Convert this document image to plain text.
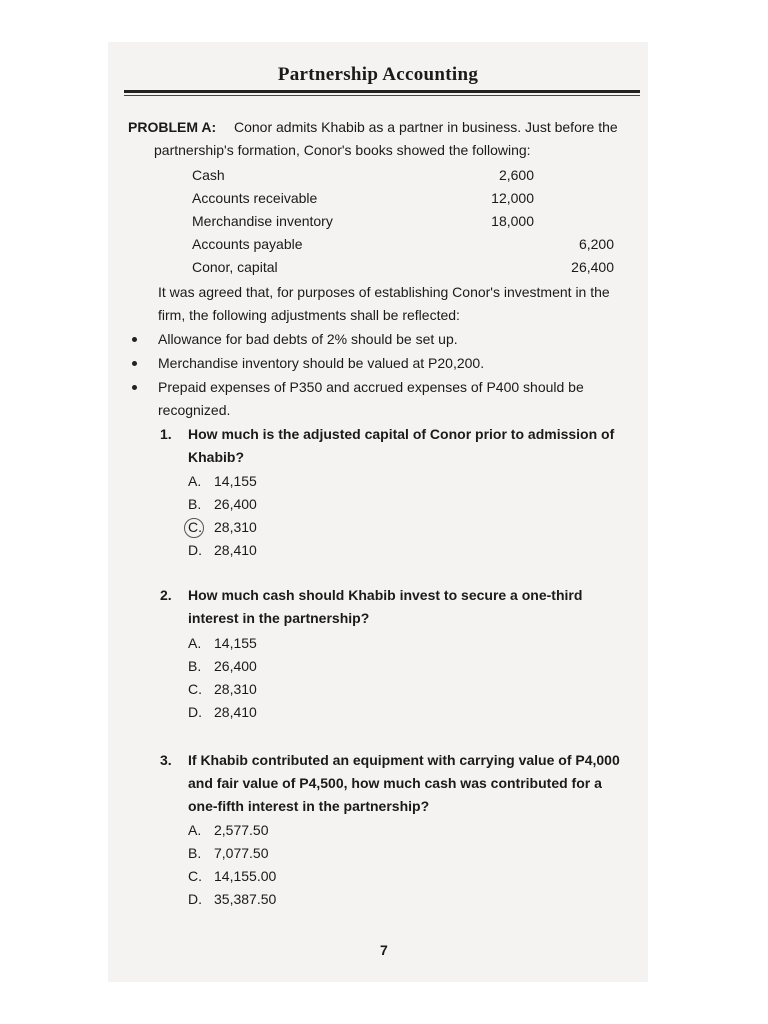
Partnership Accounting
PROBLEM A: Conor admits Khabib as a partner in business. Just before the
partnership's formation, Conor's books showed the following:
Cash	2,600
Accounts receivable	12,000
Merchandise inventory	18,000
Accounts payable	6,200
Conor, capital	26,400
It was agreed that, for purposes of establishing Conor's investment in the
firm, the following adjustments shall be reflected:
Allowance for bad debts of 2% should be set up.
Merchandise inventory should be valued at P20,200.
Prepaid expenses of P350 and accrued expenses of P400 should be
recognized.
1. How much is the adjusted capital of Conor prior to admission of
Khabib?
A. 14,155
B. 26,400
C. 28,310
D. 28,410
2. How much cash should Khabib invest to secure a one-third
interest in the partnership?
A. 14,155
B. 26,400
C. 28,310
D. 28,410
3. If Khabib contributed an equipment with carrying value of P4,000
and fair value of P4,500, how much cash was contributed for a
one-fifth interest in the partnership?
A. 2,577.50
B. 7,077.50
C. 14,155.00
D. 35,387.50
7
